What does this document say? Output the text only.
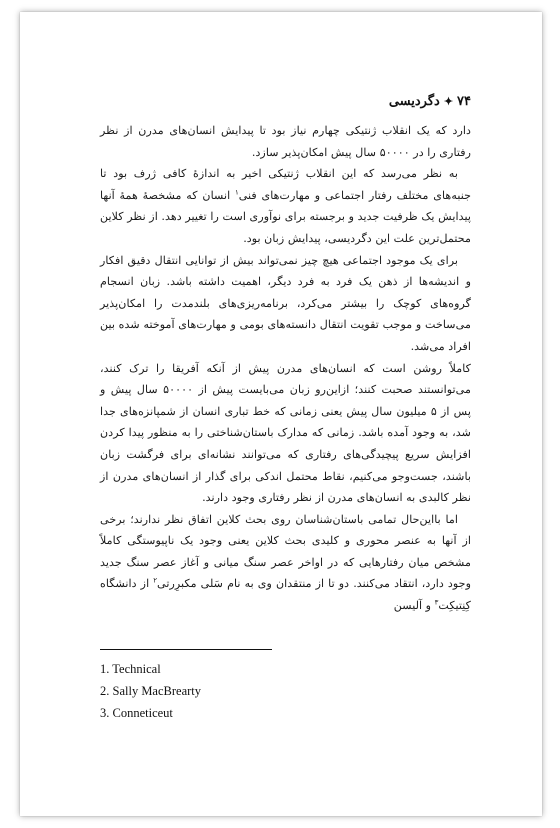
۷۴✦دگردیسی

دارد که یک انقلاب ژنتیکی چهارم نیاز بود تا پیدایش انسان‌های مدرن از نظر رفتاری را در ۵۰۰۰۰ سال پیش امکان‌پذیر سازد.

به نظر می‌رسد که این انقلاب ژنتیکی اخیر به اندازهٔ کافی ژرف بود تا جنبه‌های مختلف رفتار اجتماعی و مهارت‌های فنی$^۱$ انسان که مشخصهٔ همهٔ آنها پیدایش یک ظرفیت جدید و برجسته برای نوآوری است را تغییر دهد. از نظر کلاین محتمل‌ترین علت این دگردیسی، پیدایش زبان بود.

برای یک موجود اجتماعی هیچ چیز نمی‌تواند بیش از توانایی انتقال دقیق افکار و اندیشه‌ها از ذهن یک فرد به فرد دیگر، اهمیت داشته باشد. زبان انسجام گروه‌های کوچک را بیشتر می‌کرد، برنامه‌ریزی‌های بلندمدت را امکان‌پذیر می‌ساخت و موجب تقویت انتقال دانسته‌های بومی و مهارت‌های آموخته شده بین افراد می‌شد.

کاملاً روشن است که انسان‌های مدرن پیش از آنکه آفریقا را ترک کنند، می‌توانستند صحبت کنند؛ ازاین‌رو زبان می‌بایست پیش از ۵۰۰۰۰ سال پیش و پس از ۵ میلیون سال پیش یعنی زمانی که خط تباری انسان از شمپانزه‌های جدا شد، به وجود آمده باشد. زمانی که مدارک باستان‌شناختی را به منظور پیدا کردن افزایش سریع پیچیدگی‌های رفتاری که می‌توانند نشانه‌ای برای فرگشت زبان باشند، جست‌وجو می‌کنیم، نقاط محتمل اندکی برای گذار از انسان‌های مدرن از نظر کالبدی به انسان‌های مدرن از نظر رفتاری وجود دارند.

اما بااین‌حال تمامی باستان‌شناسان روی بحث کلاین اتفاق نظر ندارند؛ برخی از آنها به عنصر محوری و کلیدی بحث کلاین یعنی وجود یک ناپیوستگی کاملاً مشخص میان رفتارهایی که در اواخر عصر سنگ میانی و آغاز عصر سنگ جدید وجود دارد، انتقاد می‌کنند. دو تا از منتقدان وی به نام سَلی مکبرِرتی$^۲$ از دانشگاه کِنِتیکِت$^۳$ و آلیسن

1. Technical
2. Sally MacBrearty
3. Conneticeut
